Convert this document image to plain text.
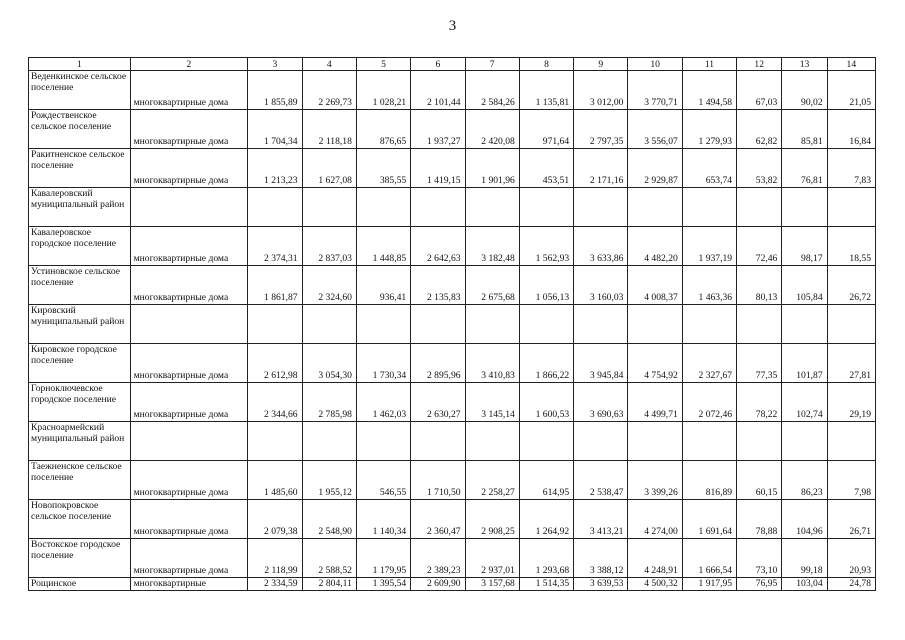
3
1	2	3	4	5	6	7	8	9	10	11	12	13	14
Веденкинское сельское поселение	многоквартирные дома	1 855,89	2 269,73	1 028,21	2 101,44	2 584,26	1 135,81	3 012,00	3 770,71	1 494,58	67,03	90,02	21,05
Рождественское сельское поселение	многоквартирные дома	1 704,34	2 118,18	876,65	1 937,27	2 420,08	971,64	2 797,35	3 556,07	1 279,93	62,82	85,81	16,84
Ракитненское сельское поселение	многоквартирные дома	1 213,23	1 627,08	385,55	1 419,15	1 901,96	453,51	2 171,16	2 929,87	653,74	53,82	76,81	7,83
Кавалеровский муниципальный район													
Кавалеровское городское поселение	многоквартирные дома	2 374,31	2 837,03	1 448,85	2 642,63	3 182,48	1 562,93	3 633,86	4 482,20	1 937,19	72,46	98,17	18,55
Устиновское сельское поселение	многоквартирные дома	1 861,87	2 324,60	936,41	2 135,83	2 675,68	1 056,13	3 160,03	4 008,37	1 463,36	80,13	105,84	26,72
Кировский муниципальный район													
Кировское городское поселение	многоквартирные дома	2 612,98	3 054,30	1 730,34	2 895,96	3 410,83	1 866,22	3 945,84	4 754,92	2 327,67	77,35	101,87	27,81
Горноключевское городское поселение	многоквартирные дома	2 344,66	2 785,98	1 462,03	2 630,27	3 145,14	1 600,53	3 690,63	4 499,71	2 072,46	78,22	102,74	29,19
Красноармейский муниципальный район													
Таежненское сельское поселение	многоквартирные дома	1 485,60	1 955,12	546,55	1 710,50	2 258,27	614,95	2 538,47	3 399,26	816,89	60,15	86,23	7,98
Новопокровское сельское поселение	многоквартирные дома	2 079,38	2 548,90	1 140,34	2 360,47	2 908,25	1 264,92	3 413,21	4 274,00	1 691,64	78,88	104,96	26,71
Востокское городское поселение	многоквартирные дома	2 118,99	2 588,52	1 179,95	2 389,23	2 937,01	1 293,68	3 388,12	4 248,91	1 666,54	73,10	99,18	20,93
Рощинское	многоквартирные	2 334,59	2 804,11	1 395,54	2 609,90	3 157,68	1 514,35	3 639,53	4 500,32	1 917,95	76,95	103,04	24,78
